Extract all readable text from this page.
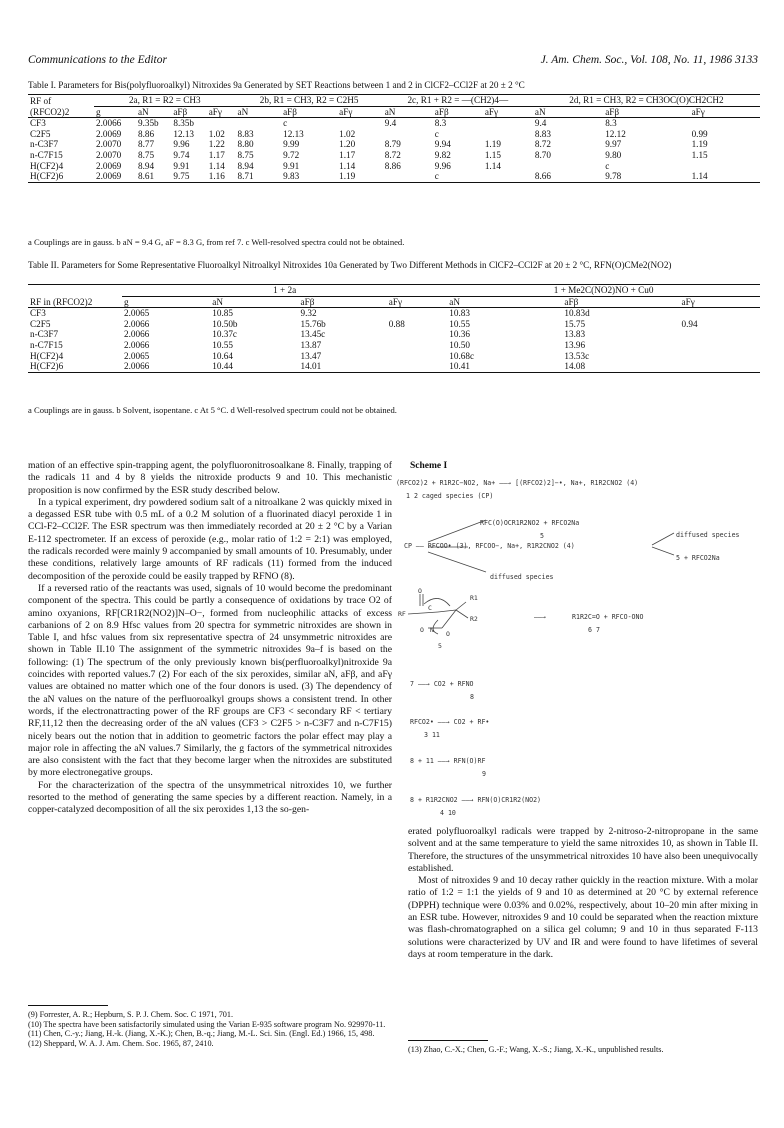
Communications to the Editor	J. Am. Chem. Soc., Vol. 108, No. 11, 1986 3133
Table I. Parameters for Bis(polyfluoroalkyl) Nitroxides 9a Generated by SET Reactions between 1 and 2 in ClCF2–CCl2F at 20 ± 2 °C
RF of (RFCO2)2	2a, R1 = R2 = CH3				2b, R1 = CH3, R2 = C2H5			2c, R1 + R2 = —(CH2)4—			2d, R1 = CH3, R2 = CH3OC(O)CH2CH2		
	g	aN	aFβ	aFγ	aN	aFβ	aFγ	aN	aFβ	aFγ	aN	aFβ	aFγ
CF3	2.0066	9.35b	8.35b			c		9.4	8.3		9.4	8.3	
C2F5	2.0069	8.86	12.13	1.02	8.83	12.13	1.02		c		8.83	12.12	0.99
n-C3F7	2.0070	8.77	9.96	1.22	8.80	9.99	1.20	8.79	9.94	1.19	8.72	9.97	1.19
n-C7F15	2.0070	8.75	9.74	1.17	8.75	9.72	1.17	8.72	9.82	1.15	8.70	9.80	1.15
H(CF2)4	2.0069	8.94	9.91	1.14	8.94	9.91	1.14	8.86	9.96	1.14		c	
H(CF2)6	2.0069	8.61	9.75	1.16	8.71	9.83	1.19		c		8.66	9.78	1.14
a Couplings are in gauss. b aN = 9.4 G, aF = 8.3 G, from ref 7. c Well-resolved spectra could not be obtained.
Table II. Parameters for Some Representative Fluoroalkyl Nitroalkyl Nitroxides 10a Generated by Two Different Methods in ClCF2–CCl2F at 20 ± 2 °C, RFN(O)CMe2(NO2)
RF in (RFCO2)2	1 + 2a				1 + Me2C(NO2)NO + Cu0		
	g	aN	aFβ	aFγ	aN	aFβ	aFγ
CF3	2.0065	10.85	9.32		10.83	10.83d	
C2F5	2.0066	10.50b	15.76b	0.88	10.55	15.75	0.94
n-C3F7	2.0066	10.37c	13.45c		10.36	13.83	
n-C7F15	2.0066	10.55	13.87		10.50	13.96	
H(CF2)4	2.0065	10.64	13.47		10.68c	13.53c	
H(CF2)6	2.0066	10.44	14.01		10.41	14.08	
a Couplings are in gauss. b Solvent, isopentane. c At 5 °C. d Well-resolved spectrum could not be obtained.

mation of an effective spin-trapping agent, the polyfluoronitrosoalkane 8. Finally, trapping of the radicals 11 and 4 by 8 yields the nitroxide products 9 and 10. This mechanistic proposition is now confirmed by the ESR study described below.

In a typical experiment, dry powdered sodium salt of a nitroalkane 2 was quickly mixed in a degassed ESR tube with 0.5 mL of a 0.2 M solution of a fluorinated diacyl peroxide 1 in CCl-F2–CCl2F. The ESR spectrum was then immediately recorded at 20 ± 2 °C by a Varian E-112 spectrometer. If an excess of peroxide (e.g., molar ratio of 1:2 = 2:1) was employed, the radicals recorded were mainly 9 accompanied by small amounts of 10. Presumably, under these conditions, relatively large amounts of RF radicals (11) formed from the induced decomposition of the peroxide could be easily trapped by RFNO (8).

If a reversed ratio of the reactants was used, signals of 10 would become the predominant component of the spectra. This could be partly a consequence of oxidations by trace O2 of amino oxyanions, RF[CR1R2(NO2)]N–O−, formed from nucleophilic attacks of excess carbanions of 2 on 8.9 Hfsc values from 20 spectra for symmetric nitroxides are shown in Table I, and hfsc values from six representative spectra of 24 unsymmetric nitroxides are shown in Table II.10 The assignment of the symmetric nitroxides 9a–f is based on the following: (1) The spectrum of the only previously known bis(perfluoroalkyl)nitroxide 9a coincides with reported values.7 (2) For each of the six peroxides, similar aN, aFβ, and aFγ values are obtained no matter which one of the four donors is used. (3) The dependency of the aN values on the nature of the perfluoroalkyl groups shows a consistent trend. In other words, if the electronattracting power of the RF groups are CF3 < secondary RF < tertiary RF,11,12 then the decreasing order of the aN values (CF3 > C2F5 > n-C3F7 and n-C7F15) nicely bears out the notion that in addition to geometric factors the polar effect may play a major role in affecting the aN values.7 Similarly, the g factors of the symmetrical nitroxides are also consistent with the fact that they become larger when the nitroxides are substituted by more electronegative groups.

For the characterization of the spectra of the unsymmetrical nitroxides 10, we further resorted to the method of generating the same species by a different reaction. Namely, in a copper-catalyzed decomposition of all the six peroxides 1,13 the so-gen-

(9) Forrester, A. R.; Hepburn, S. P. J. Chem. Soc. C 1971, 701.
(10) The spectra have been satisfactorily simulated using the Varian E-935 software program No. 929970-11.
(11) Chen, C.-y.; Jiang, H.-k. (Jiang, X.-K.); Chen, B.-q.; Jiang, M.-L. Sci. Sin. (Engl. Ed.) 1966, 15, 498.
(12) Sheppard, W. A. J. Am. Chem. Soc. 1965, 87, 2410.
Scheme I
(RFCO2)2 + R1R2C−NO2, Na+ ——→ [(RFCO2)2]−•, Na+, R1R2CNO2 (4)
1 2 caged species (CP)
RFC(O)OCR1R2NO2 + RFCO2Na
5	diffused species
CP —— RFCOO• (3), RFCOO−, Na+, R1R2CNO2 (4)
5 + RFCO2Na
diffused species
O
RF
C
R1
R2
O N O
5
——→	R1R2C=O + RFCO-ONO
6 7
7 ——→ CO2 + RFNO
8
RFCO2• ——→ CO2 + RF•
3 11
8 + 11 ——→ RFN(O)RF
9
8 + R1R2CNO2 ——→ RFN(O)CR1R2(NO2)
4 10

erated polyfluoroalkyl radicals were trapped by 2-nitroso-2-nitropropane in the same solvent and at the same temperature to yield the same nitroxides 10, as shown in Table II. Therefore, the structures of the unsymmetrical nitroxides 10 have also been unequivocally established.

Most of nitroxides 9 and 10 decay rather quickly in the reaction mixture. With a molar ratio of 1:2 = 1:1 the yields of 9 and 10 as determined at 20 °C by external reference (DPPH) technique were 0.03% and 0.02%, respectively, about 10–20 min after mixing in an ESR tube. However, nitroxides 9 and 10 could be separated when the reaction mixture was flash-chromatographed on a silica gel column; 9 and 10 in thus separated F-113 solutions were characterized by UV and IR and were found to have lifetimes of several days at room temperature in the dark.

(13) Zhao, C.-X.; Chen, G.-F.; Wang, X.-S.; Jiang, X.-K., unpublished results.
